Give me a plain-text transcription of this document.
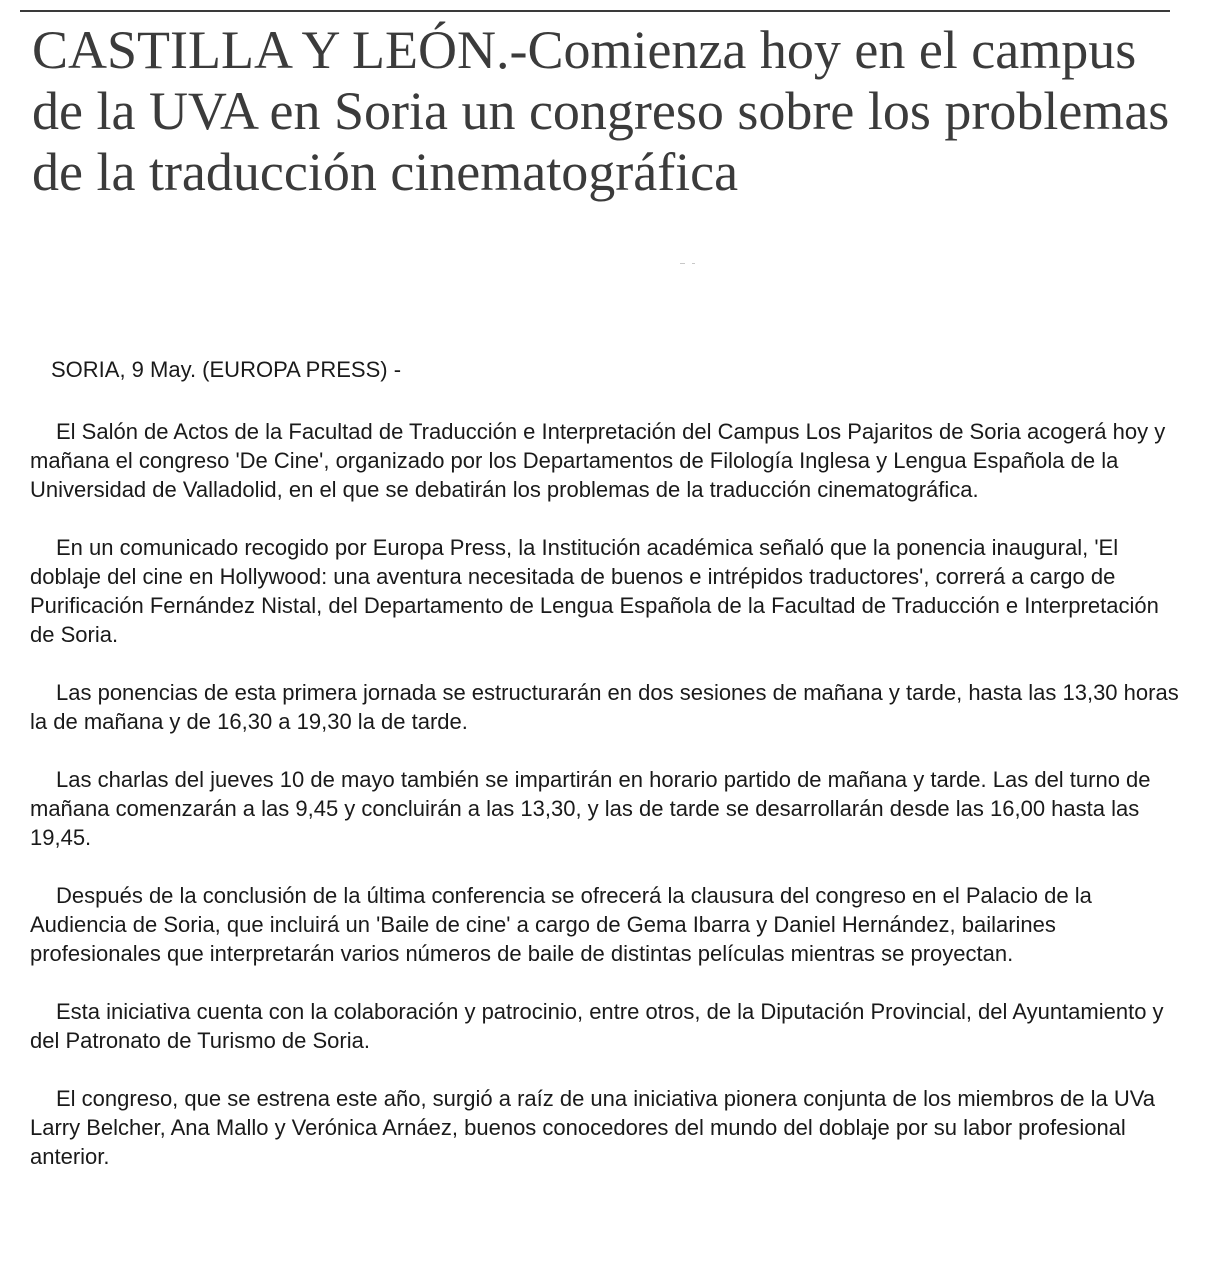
CASTILLA Y LEÓN.-Comienza hoy en el campus de la UVA en Soria un congreso sobre los problemas de la traducción cinematográfica

SORIA, 9 May. (EUROPA PRESS) -

El Salón de Actos de la Facultad de Traducción e Interpretación del Campus Los Pajaritos de Soria acogerá hoy y mañana el congreso 'De Cine', organizado por los Departamentos de Filología Inglesa y Lengua Española de la Universidad de Valladolid, en el que se debatirán los problemas de la traducción cinematográfica.

En un comunicado recogido por Europa Press, la Institución académica señaló que la ponencia inaugural, 'El doblaje del cine en Hollywood: una aventura necesitada de buenos e intrépidos traductores', correrá a cargo de Purificación Fernández Nistal, del Departamento de Lengua Española de la Facultad de Traducción e Interpretación de Soria.

Las ponencias de esta primera jornada se estructurarán en dos sesiones de mañana y tarde, hasta las 13,30 horas la de mañana y de 16,30 a 19,30 la de tarde.

Las charlas del jueves 10 de mayo también se impartirán en horario partido de mañana y tarde. Las del turno de mañana comenzarán a las 9,45 y concluirán a las 13,30, y las de tarde se desarrollarán desde las 16,00 hasta las 19,45.

Después de la conclusión de la última conferencia se ofrecerá la clausura del congreso en el Palacio de la Audiencia de Soria, que incluirá un 'Baile de cine' a cargo de Gema Ibarra y Daniel Hernández, bailarines profesionales que interpretarán varios números de baile de distintas películas mientras se proyectan.

Esta iniciativa cuenta con la colaboración y patrocinio, entre otros, de la Diputación Provincial, del Ayuntamiento y del Patronato de Turismo de Soria.

El congreso, que se estrena este año, surgió a raíz de una iniciativa pionera conjunta de los miembros de la UVa Larry Belcher, Ana Mallo y Verónica Arnáez, buenos conocedores del mundo del doblaje por su labor profesional anterior.
